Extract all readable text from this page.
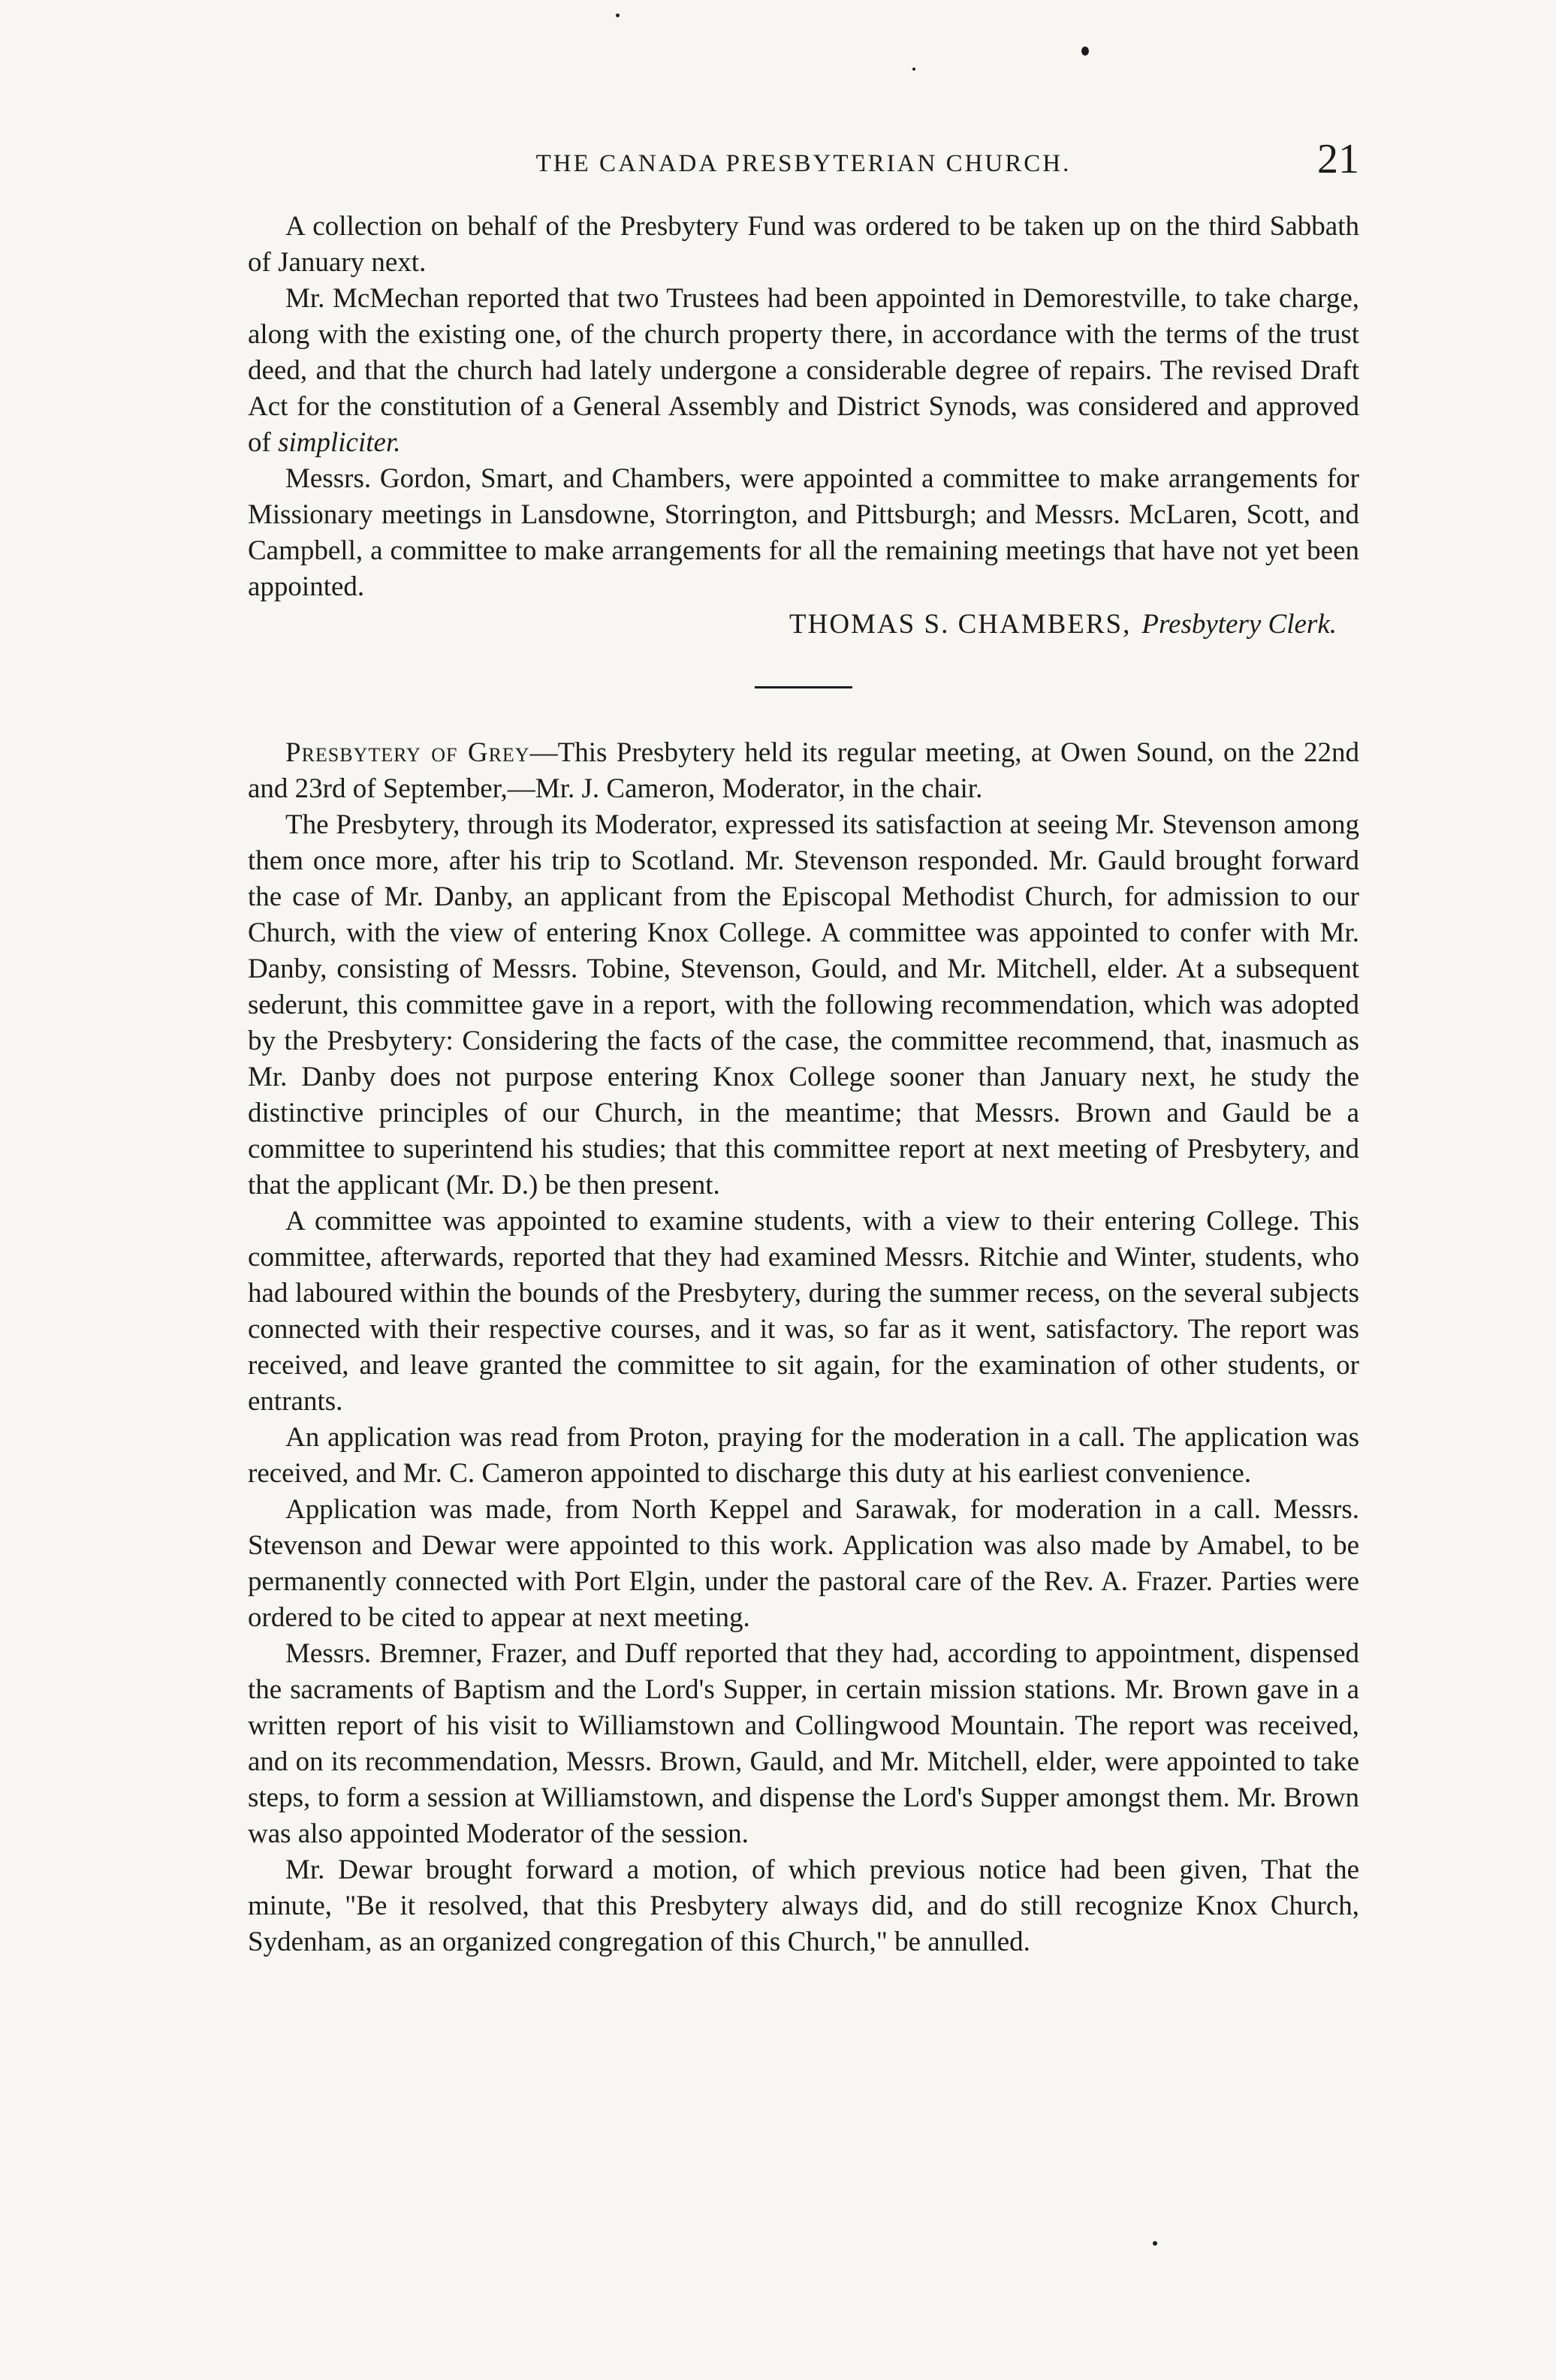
THE CANADA PRESBYTERIAN CHURCH.	21

A collection on behalf of the Presbytery Fund was ordered to be taken up on the third Sabbath of January next.

Mr. McMechan reported that two Trustees had been appointed in Demorestville, to take charge, along with the existing one, of the church property there, in accordance with the terms of the trust deed, and that the church had lately undergone a considerable degree of repairs. The revised Draft Act for the constitution of a General Assembly and District Synods, was considered and approved of simpliciter.

Messrs. Gordon, Smart, and Chambers, were appointed a committee to make arrangements for Missionary meetings in Lansdowne, Storrington, and Pittsburgh; and Messrs. McLaren, Scott, and Campbell, a committee to make arrangements for all the remaining meetings that have not yet been appointed.

THOMAS S. CHAMBERS, Presbytery Clerk.

Presbytery of Grey—This Presbytery held its regular meeting, at Owen Sound, on the 22nd and 23rd of September,—Mr. J. Cameron, Moderator, in the chair.

The Presbytery, through its Moderator, expressed its satisfaction at seeing Mr. Stevenson among them once more, after his trip to Scotland. Mr. Stevenson responded. Mr. Gauld brought forward the case of Mr. Danby, an applicant from the Episcopal Methodist Church, for admission to our Church, with the view of entering Knox College. A committee was appointed to confer with Mr. Danby, consisting of Messrs. Tobine, Stevenson, Gould, and Mr. Mitchell, elder. At a subsequent sederunt, this committee gave in a report, with the following recommendation, which was adopted by the Presbytery: Considering the facts of the case, the committee recommend, that, inasmuch as Mr. Danby does not purpose entering Knox College sooner than January next, he study the distinctive principles of our Church, in the meantime; that Messrs. Brown and Gauld be a committee to superintend his studies; that this committee report at next meeting of Presbytery, and that the applicant (Mr. D.) be then present.

A committee was appointed to examine students, with a view to their entering College. This committee, afterwards, reported that they had examined Messrs. Ritchie and Winter, students, who had laboured within the bounds of the Presbytery, during the summer recess, on the several subjects connected with their respective courses, and it was, so far as it went, satisfactory. The report was received, and leave granted the committee to sit again, for the examination of other students, or entrants.

An application was read from Proton, praying for the moderation in a call. The application was received, and Mr. C. Cameron appointed to discharge this duty at his earliest convenience.

Application was made, from North Keppel and Sarawak, for moderation in a call. Messrs. Stevenson and Dewar were appointed to this work. Application was also made by Amabel, to be permanently connected with Port Elgin, under the pastoral care of the Rev. A. Frazer. Parties were ordered to be cited to appear at next meeting.

Messrs. Bremner, Frazer, and Duff reported that they had, according to appointment, dispensed the sacraments of Baptism and the Lord's Supper, in certain mission stations. Mr. Brown gave in a written report of his visit to Williamstown and Collingwood Mountain. The report was received, and on its recommendation, Messrs. Brown, Gauld, and Mr. Mitchell, elder, were appointed to take steps, to form a session at Williamstown, and dispense the Lord's Supper amongst them. Mr. Brown was also appointed Moderator of the session.

Mr. Dewar brought forward a motion, of which previous notice had been given, That the minute, "Be it resolved, that this Presbytery always did, and do still recognize Knox Church, Sydenham, as an organized congregation of this Church," be annulled.
